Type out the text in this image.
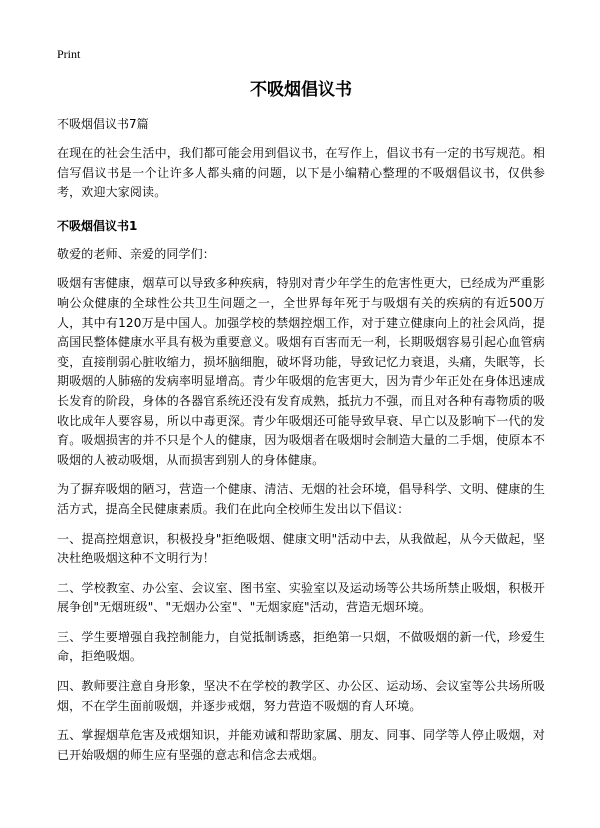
Print
不吸烟倡议书

不吸烟倡议书7篇

在现在的社会生活中，我们都可能会用到倡议书，在写作上，倡议书有一定的书写规范。相信写倡议书是一个让许多人都头痛的问题，以下是小编精心整理的不吸烟倡议书，仅供参考，欢迎大家阅读。

不吸烟倡议书1

敬爱的老师、亲爱的同学们：

吸烟有害健康，烟草可以导致多种疾病，特别对青少年学生的危害性更大，已经成为严重影响公众健康的全球性公共卫生问题之一，全世界每年死于与吸烟有关的疾病的有近500万人，其中有120万是中国人。加强学校的禁烟控烟工作，对于建立健康向上的社会风尚，提高国民整体健康水平具有极为重要意义。吸烟有百害而无一利，长期吸烟容易引起心血管病变，直接削弱心脏收缩力，损坏脑细胞，破坏肾功能，导致记忆力衰退，头痛，失眠等，长期吸烟的人肺癌的发病率明显增高。青少年吸烟的危害更大，因为青少年正处在身体迅速成长发育的阶段，身体的各器官系统还没有发育成熟，抵抗力不强，而且对各种有毒物质的吸收比成年人要容易，所以中毒更深。青少年吸烟还可能导致早衰、早亡以及影响下一代的发育。吸烟损害的并不只是个人的健康，因为吸烟者在吸烟时会制造大量的二手烟，使原本不吸烟的人被动吸烟，从而损害到别人的身体健康。

为了摒弃吸烟的陋习，营造一个健康、清洁、无烟的社会环境，倡导科学、文明、健康的生活方式，提高全民健康素质。我们在此向全校师生发出以下倡议：

一、提高控烟意识，积极投身"拒绝吸烟、健康文明"活动中去，从我做起，从今天做起，坚决杜绝吸烟这种不文明行为！

二、学校教室、办公室、会议室、图书室、实验室以及运动场等公共场所禁止吸烟，积极开展争创"无烟班级"、"无烟办公室"、"无烟家庭"活动，营造无烟环境。

三、学生要增强自我控制能力，自觉抵制诱惑，拒绝第一只烟，不做吸烟的新一代，珍爱生命，拒绝吸烟。

四、教师要注意自身形象，坚决不在学校的教学区、办公区、运动场、会议室等公共场所吸烟，不在学生面前吸烟，并逐步戒烟，努力营造不吸烟的育人环境。

五、掌握烟草危害及戒烟知识，并能劝诫和帮助家属、朋友、同事、同学等人停止吸烟，对已开始吸烟的师生应有坚强的意志和信念去戒烟。
